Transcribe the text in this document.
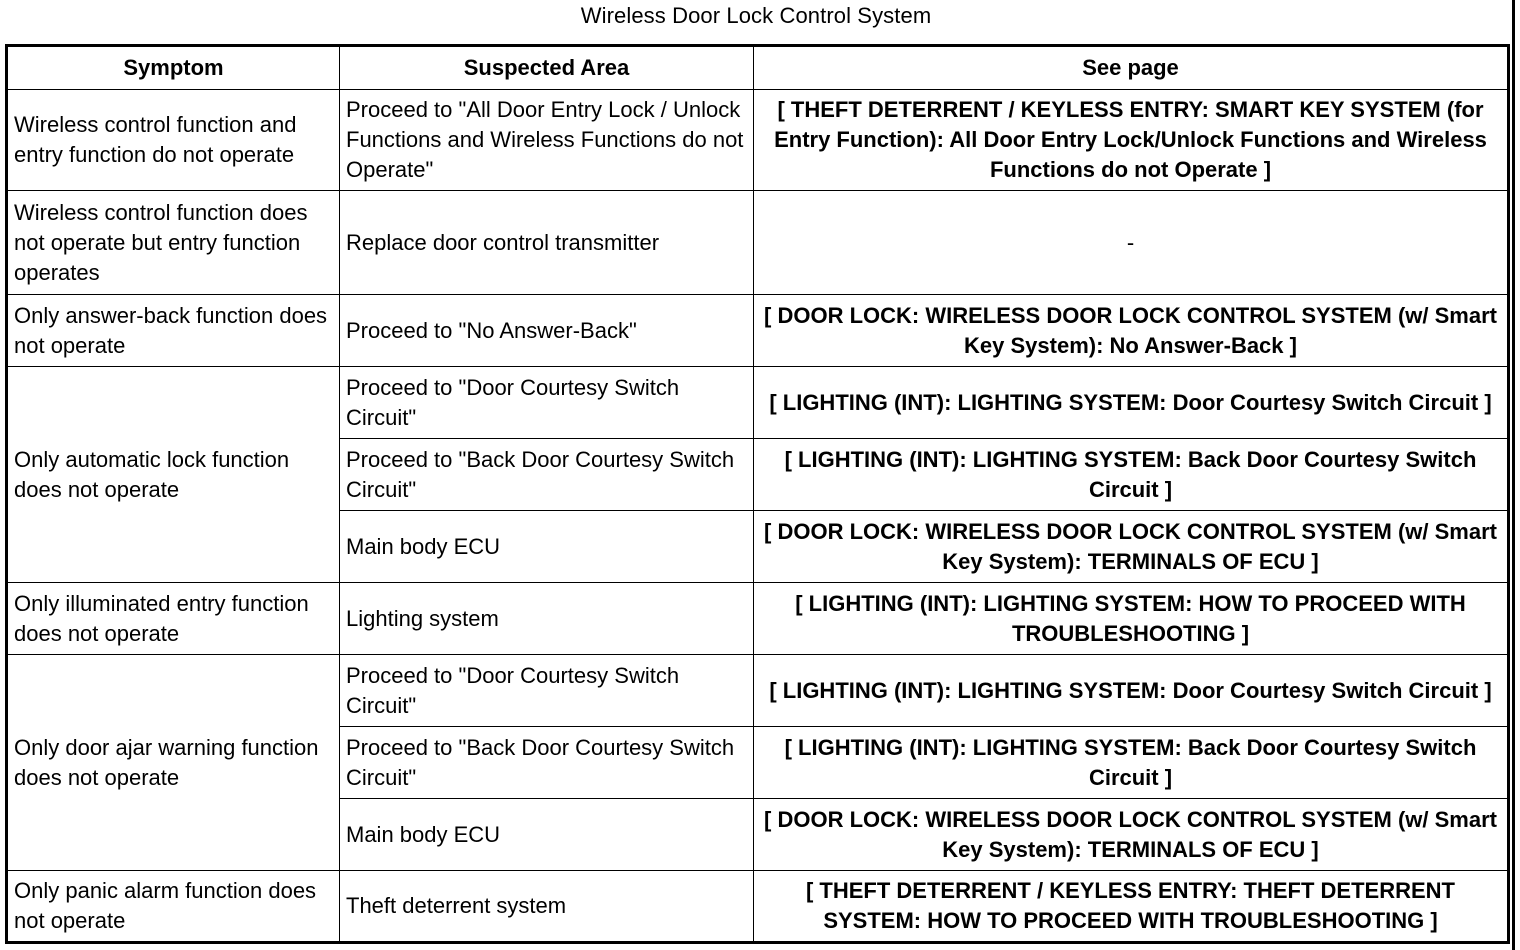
Wireless Door Lock Control System
Symptom	Suspected Area	See page
Wireless control function and entry function do not operate	Proceed to "All Door Entry Lock / Unlock Functions and Wireless Functions do not Operate"	[ THEFT DETERRENT / KEYLESS ENTRY: SMART KEY SYSTEM (for Entry Function): All Door Entry Lock/Unlock Functions and Wireless Functions do not Operate ]
Wireless control function does not operate but entry function operates	Replace door control transmitter	-
Only answer-back function does not operate	Proceed to "No Answer-Back"	[ DOOR LOCK: WIRELESS DOOR LOCK CONTROL SYSTEM (w/ Smart Key System): No Answer-Back ]
Only automatic lock function does not operate	Proceed to "Door Courtesy Switch Circuit"	[ LIGHTING (INT): LIGHTING SYSTEM: Door Courtesy Switch Circuit ]
	Proceed to "Back Door Courtesy Switch Circuit"	[ LIGHTING (INT): LIGHTING SYSTEM: Back Door Courtesy Switch Circuit ]
	Main body ECU	[ DOOR LOCK: WIRELESS DOOR LOCK CONTROL SYSTEM (w/ Smart Key System): TERMINALS OF ECU ]
Only illuminated entry function does not operate	Lighting system	[ LIGHTING (INT): LIGHTING SYSTEM: HOW TO PROCEED WITH TROUBLESHOOTING ]
Only door ajar warning function does not operate	Proceed to "Door Courtesy Switch Circuit"	[ LIGHTING (INT): LIGHTING SYSTEM: Door Courtesy Switch Circuit ]
	Proceed to "Back Door Courtesy Switch Circuit"	[ LIGHTING (INT): LIGHTING SYSTEM: Back Door Courtesy Switch Circuit ]
	Main body ECU	[ DOOR LOCK: WIRELESS DOOR LOCK CONTROL SYSTEM (w/ Smart Key System): TERMINALS OF ECU ]
Only panic alarm function does not operate	Theft deterrent system	[ THEFT DETERRENT / KEYLESS ENTRY: THEFT DETERRENT SYSTEM: HOW TO PROCEED WITH TROUBLESHOOTING ]
